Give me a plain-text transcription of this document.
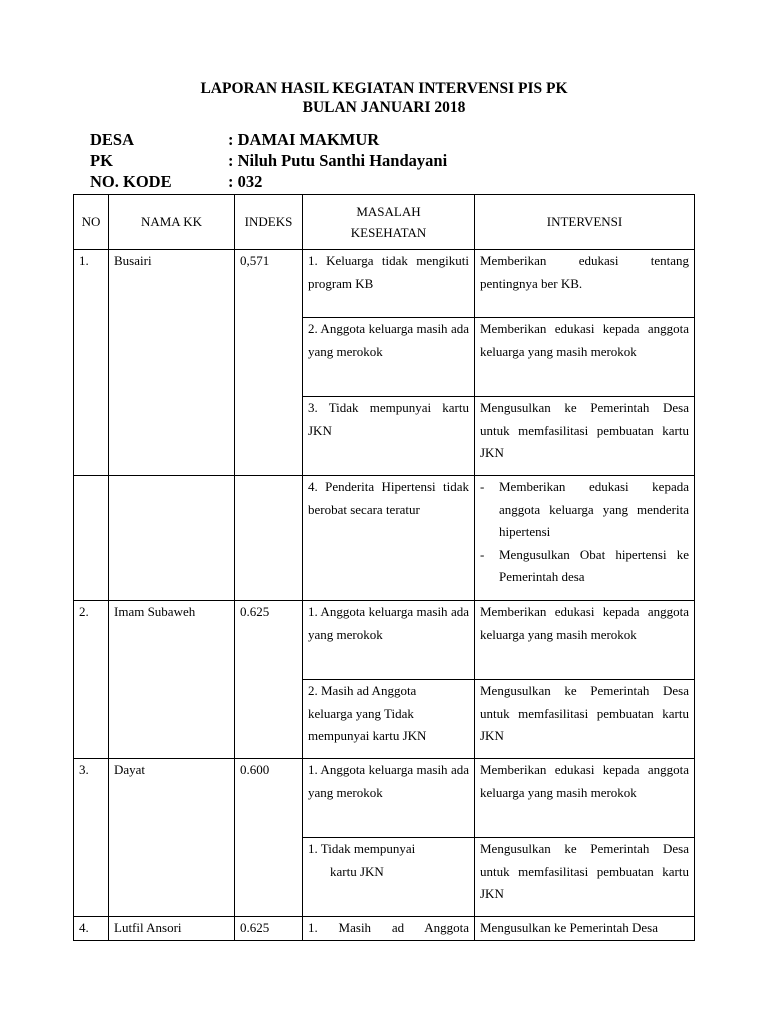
LAPORAN HASIL KEGIATAN INTERVENSI PIS PK
BULAN JANUARI 2018
DESA	: DAMAI MAKMUR
PK	: Niluh Putu Santhi Handayani
NO. KODE	: 032
NO	NAMA KK	INDEKS	MASALAH
KESEHATAN	INTERVENSI
1.	Busairi	0,571	1. Keluarga tidak mengikuti program KB	Memberikan edukasi tentang pentingnya ber KB.
			2. Anggota keluarga masih ada yang merokok	Memberikan edukasi kepada anggota keluarga yang masih merokok
			3. Tidak mempunyai kartu JKN	Mengusulkan ke Pemerintah Desa untuk memfasilitasi pembuatan kartu JKN
			4. Penderita Hipertensi tidak berobat secara teratur	- Memberikan edukasi kepada anggota keluarga yang menderita hipertensi
- Mengusulkan Obat hipertensi ke Pemerintah desa

2.	Imam Subaweh	0.625	1. Anggota keluarga masih ada yang merokok	Memberikan edukasi kepada anggota keluarga yang masih merokok

			2. Masih ad Anggota
keluarga yang Tidak
mempunyai kartu JKN	Mengusulkan ke Pemerintah Desa untuk memfasilitasi pembuatan kartu JKN
3.	Dayat	0.600	1. Anggota keluarga masih ada yang merokok	Memberikan edukasi kepada anggota keluarga yang masih merokok

			1. Tidak mempunyai
kartu JKN	Mengusulkan ke Pemerintah Desa untuk memfasilitasi pembuatan kartu JKN
4.	Lutfil Ansori	0.625	1. Masih ad Anggota	Mengusulkan ke Pemerintah Desa
